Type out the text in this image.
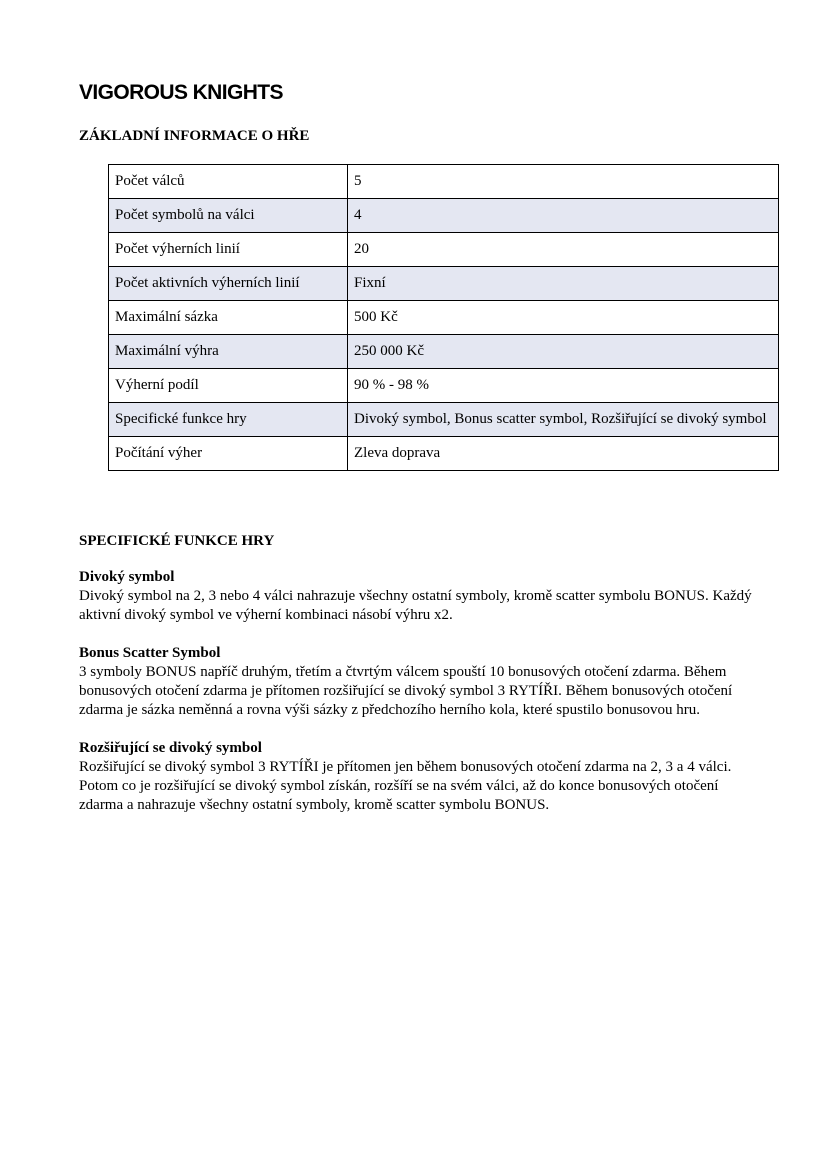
VIGOROUS KNIGHTS
ZÁKLADNÍ INFORMACE O HŘE
Počet válců	5
Počet symbolů na válci	4
Počet výherních linií	20
Počet aktivních výherních linií	Fixní
Maximální sázka	500 Kč
Maximální výhra	250 000 Kč
Výherní podíl	90 % - 98 %
Specifické funkce hry	Divoký symbol, Bonus scatter symbol, Rozšiřující se divoký symbol
Počítání výher	Zleva doprava
SPECIFICKÉ FUNKCE HRY
Divoký symbol
Divoký symbol na 2, 3 nebo 4 válci nahrazuje všechny ostatní symboly, kromě scatter symbolu BONUS. Každý aktivní divoký symbol ve výherní kombinaci násobí výhru x2.
Bonus Scatter Symbol
3 symboly BONUS napříč druhým, třetím a čtvrtým válcem spouští 10 bonusových otočení zdarma. Během bonusových otočení zdarma je přítomen rozšiřující se divoký symbol 3 RYTÍŘI. Během bonusových otočení zdarma je sázka neměnná a rovna výši sázky z předchozího herního kola, které spustilo bonusovou hru.
Rozšiřující se divoký symbol
Rozšiřující se divoký symbol 3 RYTÍŘI je přítomen jen během bonusových otočení zdarma na 2, 3 a 4 válci. Potom co je rozšiřující se divoký symbol získán, rozšíří se na svém válci, až do konce bonusových otočení zdarma a nahrazuje všechny ostatní symboly, kromě scatter symbolu BONUS.
